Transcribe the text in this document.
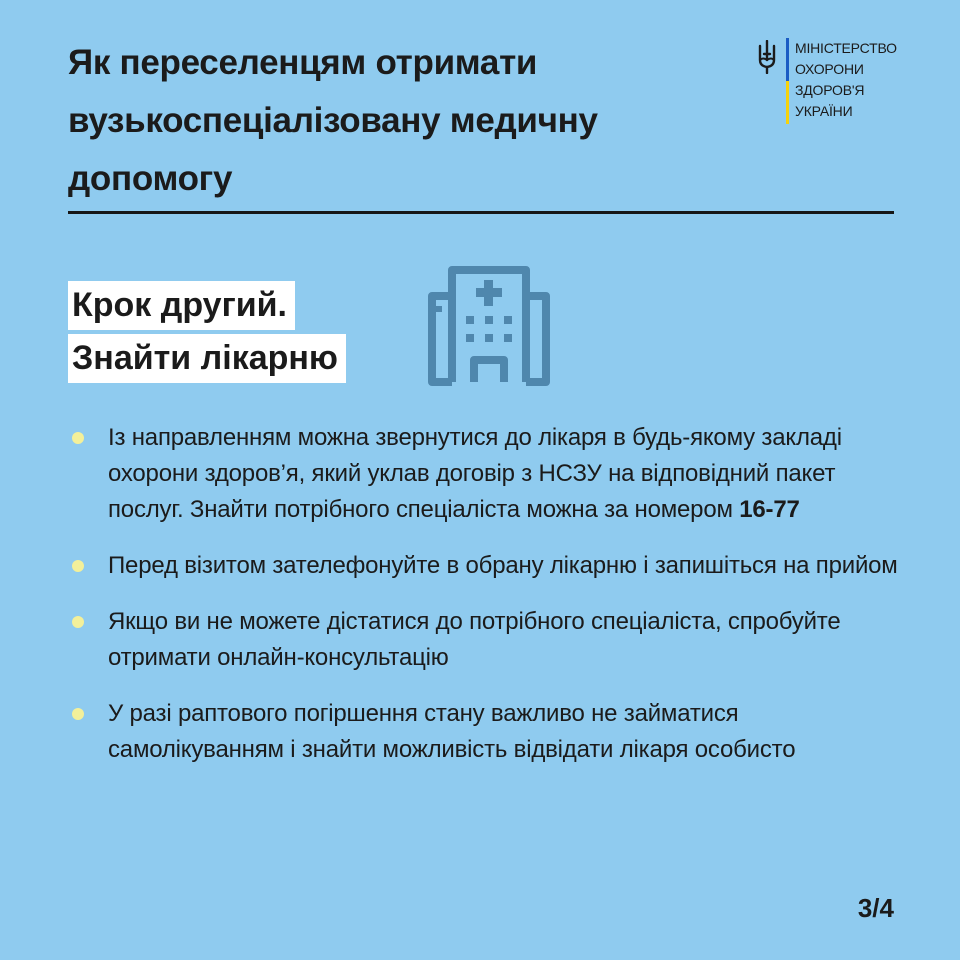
Як переселенцям отримати вузькоспеціалізовану медичну допомогу
МІНІСТЕРСТВО
ОХОРОНИ
ЗДОРОВ'Я
УКРАЇНИ
Крок другий.
Знайти лікарню
Із направленням можна звернутися до лікаря в будь-якому закладі охорони здоров’я, який уклав договір з НСЗУ на відповідний пакет послуг. Знайти потрібного спеціаліста можна за номером 16-77
Перед візитом зателефонуйте в обрану лікарню і запишіться на прийом
Якщо ви не можете дістатися до потрібного спеціаліста, спробуйте отримати онлайн-консультацію
У разі раптового погіршення стану важливо не займатися самолікуванням і знайти можливість відвідати лікаря особисто
3/4
